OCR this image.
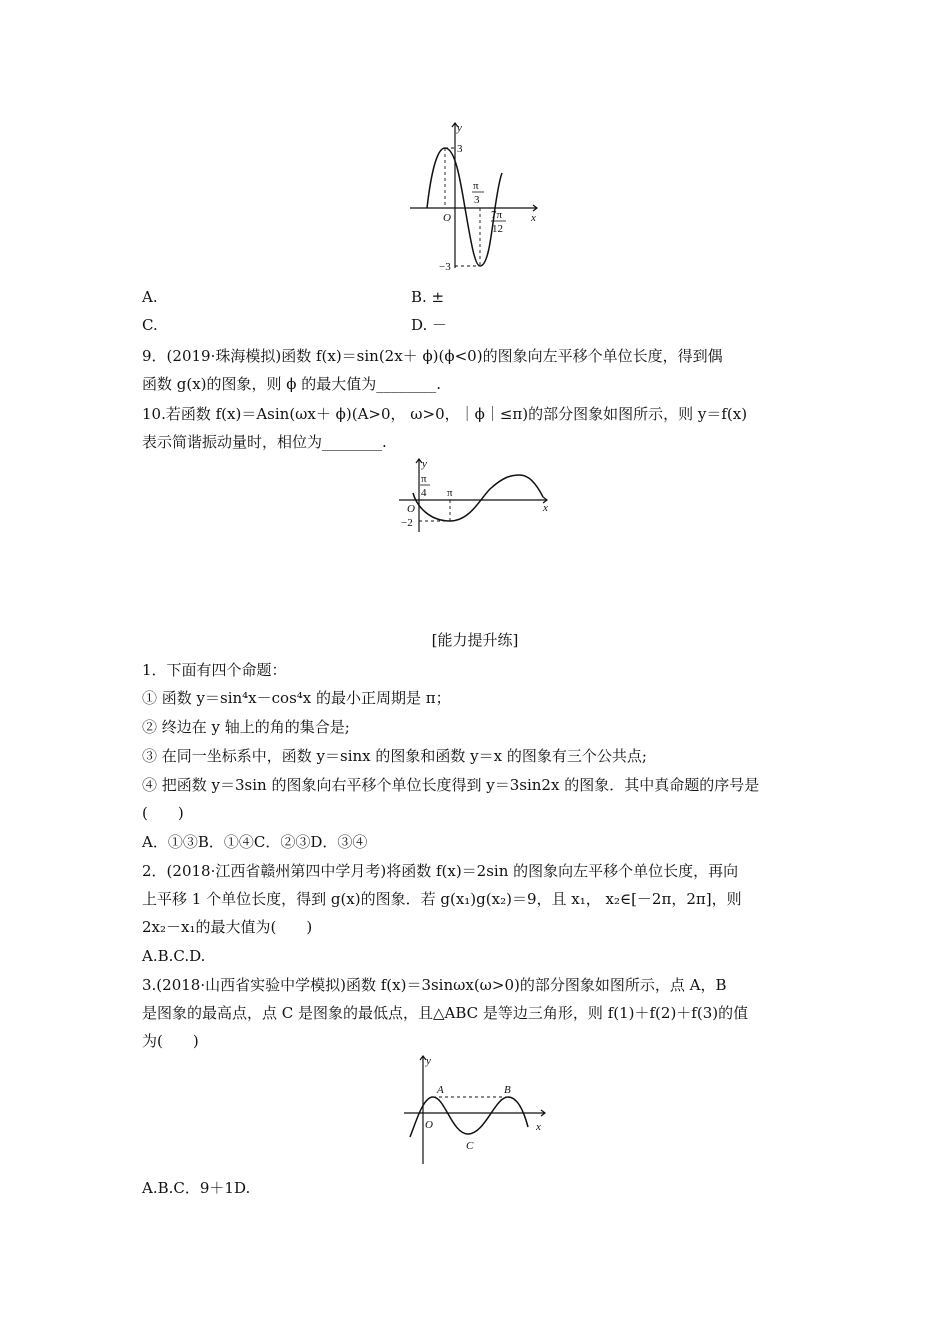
y
x
O
3
−3
π
3
7π
12
A.	B. ±
C.	D. －
9．(2019·珠海模拟)函数 f(x)＝sin(2x＋ ϕ)(ϕ<0)的图象向左平移个单位长度，得到偶
函数 g(x)的图象，则 ϕ 的最大值为________.
10.若函数 f(x)＝Asin(ωx＋ ϕ)(A>0， ω>0，｜ϕ｜≤π)的部分图象如图所示，则 y＝f(x)
表示简谐振动量时，相位为________.
y
x
O
−2
π
4 π
[能力提升练]
1．下面有四个命题：
① 函数 y＝sin⁴x－cos⁴x 的最小正周期是 π；
② 终边在 y 轴上的角的集合是;
③ 在同一坐标系中，函数 y＝sinx 的图象和函数 y＝x 的图象有三个公共点;
④ 把函数 y＝3sin 的图象向右平移个单位长度得到 y＝3sin2x 的图象．其中真命题的序号是
(　　)
A．①③B．①④C．②③D．③④
2．(2018·江西省赣州第四中学月考)将函数 f(x)＝2sin 的图象向左平移个单位长度，再向
上平移 1 个单位长度，得到 g(x)的图象．若 g(x₁)g(x₂)＝9，且 x₁， x₂∈[－2π，2π]，则
2x₂－x₁的最大值为(　　)
A.B.C.D.
3.(2018·山西省实验中学模拟)函数 f(x)＝3sinωx(ω>0)的部分图象如图所示，点 A，B
是图象的最高点，点 C 是图象的最低点，且△ABC 是等边三角形，则 f(1)＋f(2)＋f(3)的值
为(　　)
y
x
O
A	B
C
A.B.C．9＋1D.
